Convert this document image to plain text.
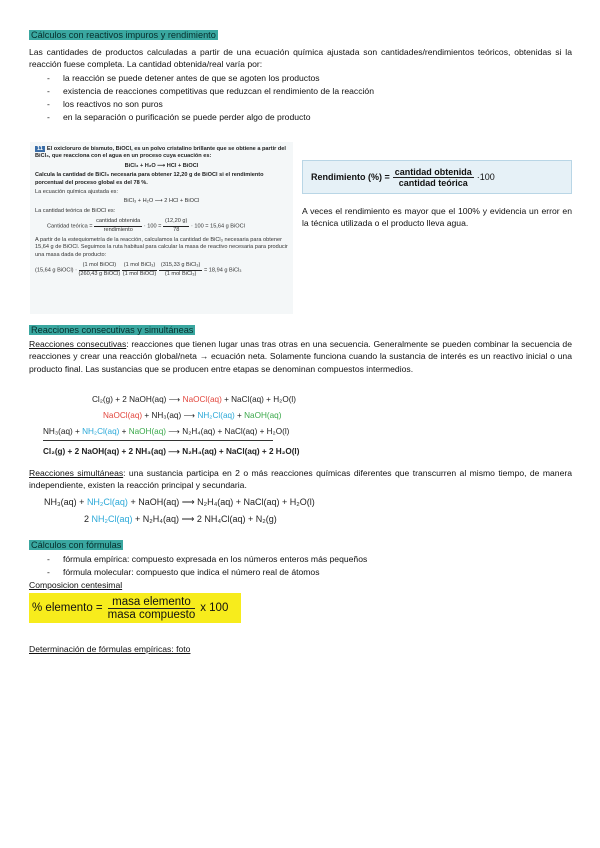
Cálculos con reactivos impuros y rendimiento
Las cantidades de productos calculadas a partir de una ecuación química ajustada son cantidades/rendimientos teóricos, obtenidas si la reacción fuese completa. La cantidad obtenida/real varía por:
- la reacción se puede detener antes de que se agoten los productos
- existencia de reacciones competitivas que reduzcan el rendimiento de la reacción
- los reactivos no son puros
- en la separación o purificación se puede perder algo de producto
11 El oxicloruro de bismuto, BiOCl, es un polvo cristalino brillante que se obtiene a partir del BiCl₃, que reacciona con el agua en un proceso cuya ecuación es:
BiCl₃ + H₂O ⟶ HCl + BiOCl
Calcula la cantidad de BiCl₃ necesaria para obtener 12,20 g de BiOCl si el rendimiento porcentual del proceso global es del 78 %.
La ecuación química ajustada es:
BiCl₃ + H₂O ⟶ 2 HCl + BiOCl
La cantidad teórica de BiOCl es:
Cantidad teórica = $\frac{\text{cantidad obtenida}}{\text{rendimiento}} \cdot 100 = \frac{(12,20 g)}{78} \cdot 100 = 15,64$ g BiOCl
A partir de la estequiometría de la reacción, calculamos la cantidad de BiCl₃ necesaria para obtener 15,64 g de BiOCl. Seguimos la ruta habitual para calcular la masa de reactivo necesaria para producir una masa dada de producto:
(15,64 g BiOCl) · $\frac{\text{(1 mol BiOCl)}}{\text{(260,43 g BiOCl)}}$
$\frac{\text{(1 mol BiCl₃)}}{\text{(1 mol BiOCl)}}$
$\frac{\text{(315,33 g BiCl₃)}}{\text{(1 mol BiCl₃)}} = 18,94$ g BiCl₃
Rendimiento (%) = $\frac{\text{cantidad obtenida}}{\text{cantidad teórica}} \cdot 100$
A veces el rendimiento es mayor que el 100% y evidencia un error en la técnica utilizada o el producto lleva agua.
Reacciones consecutivas y simultáneas
Reacciones consecutivas: reacciones que tienen lugar unas tras otras en una secuencia. Generalmente se pueden combinar la secuencia de reacciones y crear una reacción global/neta → ecuación neta. Solamente funciona cuando la sustancia de interés es un reactivo inicial o una producto final. Las sustancias que se producen entre etapas se denominan compuestos intermedios.
Cl₂(g) + 2 NaOH(aq) ⟶ NaOCl(aq) + NaCl(aq) + H₂O(l)
NaOCl(aq) + NH₃(aq) ⟶ NH₂Cl(aq) + NaOH(aq)
NH₃(aq) + NH₂Cl(aq) + NaOH(aq) ⟶ N₂H₄(aq) + NaCl(aq) + H₂O(l)
Cl₂(g) + 2 NaOH(aq) + 2 NH₃(aq) ⟶ N₂H₄(aq) + NaCl(aq) + 2 H₂O(l)
Reacciones simultáneas: una sustancia participa en 2 o más reacciones químicas diferentes que transcurren al mismo tiempo, de manera independiente, existen la reacción principal y secundaria.
NH₃(aq) + NH₂Cl(aq) + NaOH(aq) ⟶ N₂H₄(aq) + NaCl(aq) + H₂O(l)
2 NH₂Cl(aq) + N₂H₄(aq) ⟶ 2 NH₄Cl(aq) + N₂(g)
Cálculos con fórmulas
- fórmula empírica: compuesto expresada en los números enteros más pequeños
- fórmula molecular: compuesto que indica el número real de átomos
Composicion centesimal
% elemento = $\frac{\text{masa elemento}}{\text{masa compuesto}}$ x 100
Determinación de fórmulas empíricas: foto
